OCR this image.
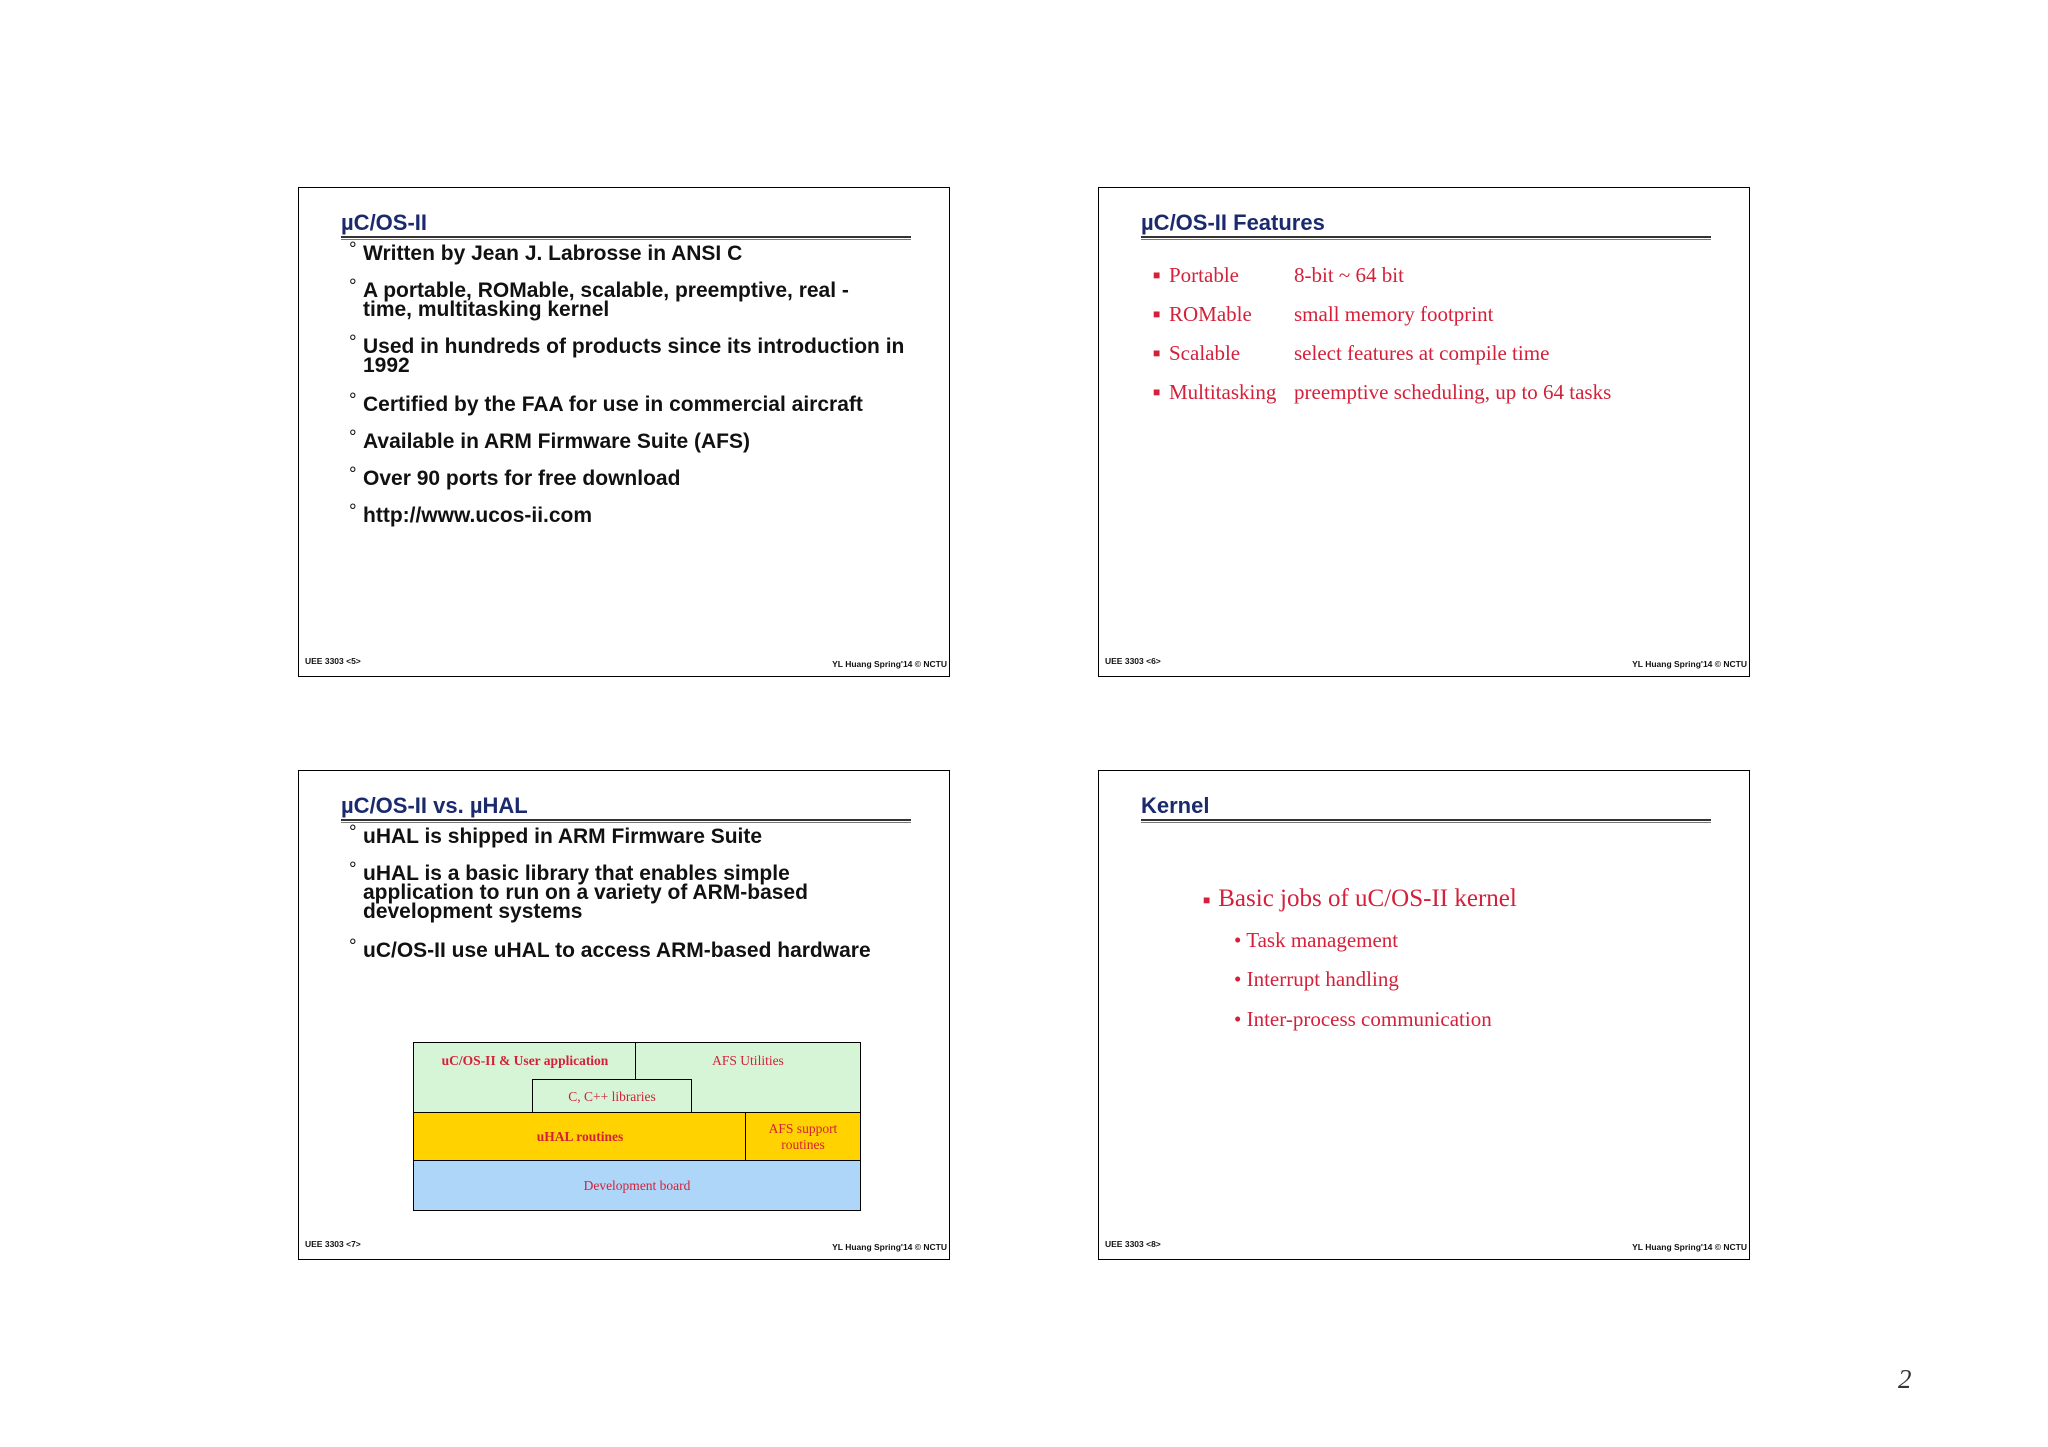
µC/OS-II
° Written by Jean J. Labrosse in ANSI C
° A portable, ROMable, scalable, preemptive, real -time, multitasking kernel
° Used in hundreds of products since its introduction in 1992
° Certified by the FAA for use in commercial aircraft
° Available in ARM Firmware Suite (AFS)
° Over 90 ports for free download
° http://www.ucos-ii.com
UEE 3303 <5>	YL Huang Spring'14 © NCTU
µC/OS-II Features
■ Portable	8-bit ~ 64 bit
■ ROMable	small memory footprint
■ Scalable	select features at compile time
■ Multitasking preemptive scheduling, up to 64 tasks
UEE 3303 <6>	YL Huang Spring'14 © NCTU
µC/OS-II vs. µHAL
° uHAL is shipped in ARM Firmware Suite
° uHAL is a basic library that enables simple application to run on a variety of ARM-based development systems
° uC/OS-II use uHAL to access ARM-based hardware
uC/OS-II & User application	AFS Utilities
C, C++ libraries
uHAL routines
AFS support routines
Development board
UEE 3303 <7>	YL Huang Spring'14 © NCTU
Kernel
■ Basic jobs of uC/OS-II kernel
• Task management
• Interrupt handling
• Inter-process communication
UEE 3303 <8>	YL Huang Spring'14 © NCTU
2
